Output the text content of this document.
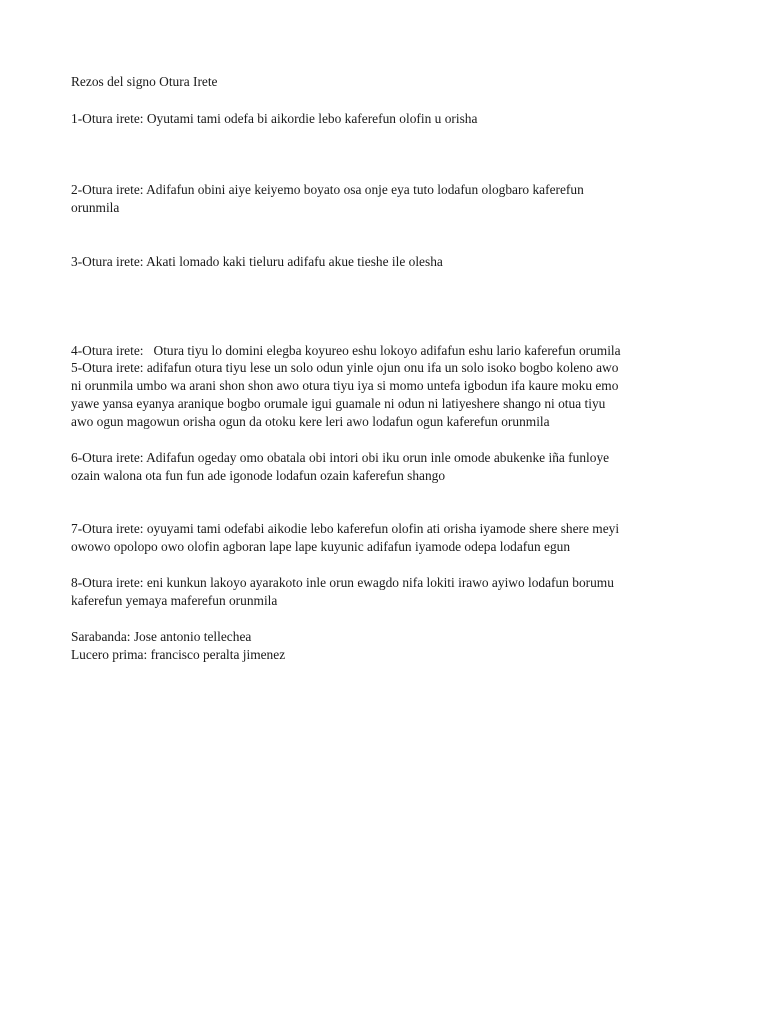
Rezos del signo Otura Irete

1-Otura irete: Oyutami tami odefa bi aikordie lebo kaferefun olofin u orisha

2-Otura irete: Adifafun obini aiye keiyemo boyato osa onje eya tuto lodafun ologbaro kaferefun
orunmila

3-Otura irete: Akati lomado kaki tieluru adifafu akue tieshe ile olesha

4-Otura irete:   Otura tiyu lo domini elegba koyureo eshu lokoyo adifafun eshu lario kaferefun orumila

5-Otura irete: adifafun otura tiyu lese un solo odun yinle ojun onu ifa un solo isoko bogbo koleno awo
ni orunmila umbo wa arani shon shon awo otura tiyu iya si momo untefa igbodun ifa kaure moku emo
yawe yansa eyanya aranique bogbo orumale igui guamale ni odun ni latiyeshere shango ni otua tiyu
awo ogun magowun orisha ogun da otoku kere leri awo lodafun ogun kaferefun orunmila

6-Otura irete: Adifafun ogeday omo obatala obi intori obi iku orun inle omode abukenke iña funloye
ozain walona ota fun fun ade igonode lodafun ozain kaferefun shango

7-Otura irete: oyuyami tami odefabi aikodie lebo kaferefun olofin ati orisha iyamode shere shere meyi
owowo opolopo owo olofin agboran lape lape kuyunic adifafun iyamode odepa lodafun egun

8-Otura irete: eni kunkun lakoyo ayarakoto inle orun ewagdo nifa lokiti irawo ayiwo lodafun borumu
kaferefun yemaya maferefun orunmila

Sarabanda: Jose antonio tellechea
Lucero prima: francisco peralta jimenez
